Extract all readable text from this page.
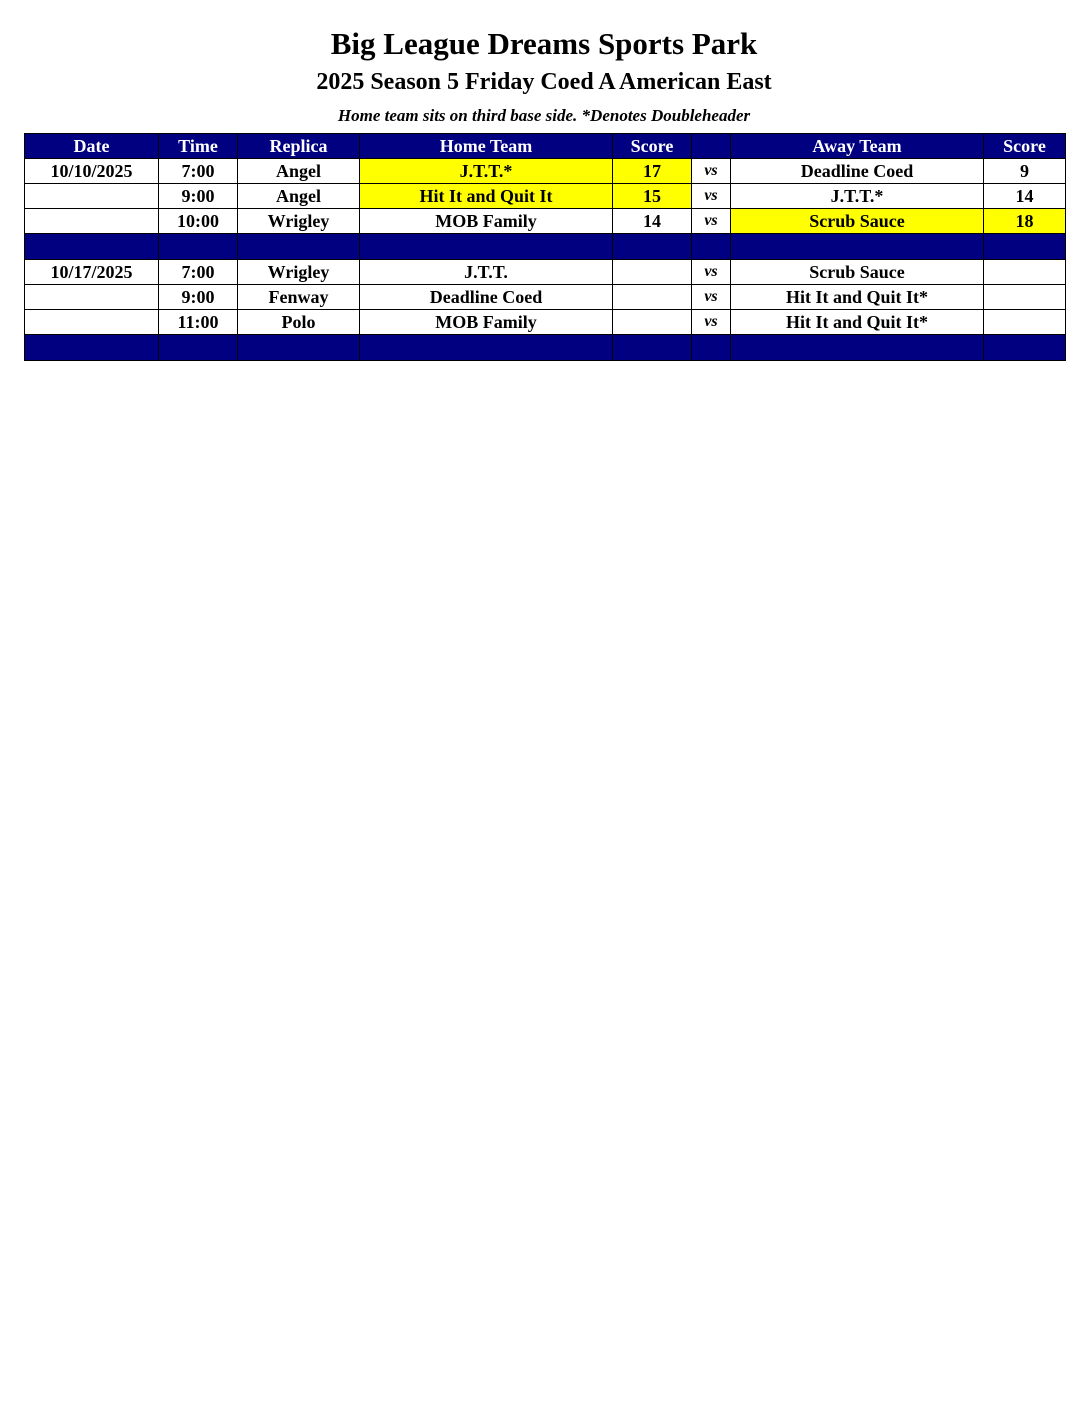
Big League Dreams Sports Park
2025 Season 5 Friday Coed A American East

Home team sits on third base side. *Denotes Doubleheader

Date	Time	Replica	Home Team	Score		Away Team	Score
10/10/2025	7:00	Angel	J.T.T.*	17	vs	Deadline Coed	9
	9:00	Angel	Hit It and Quit It	15	vs	J.T.T.*	14
	10:00	Wrigley	MOB Family	14	vs	Scrub Sauce	18

10/17/2025	7:00	Wrigley	J.T.T.		vs	Scrub Sauce	
	9:00	Fenway	Deadline Coed		vs	Hit It and Quit It*	
	11:00	Polo	MOB Family		vs	Hit It and Quit It*	
